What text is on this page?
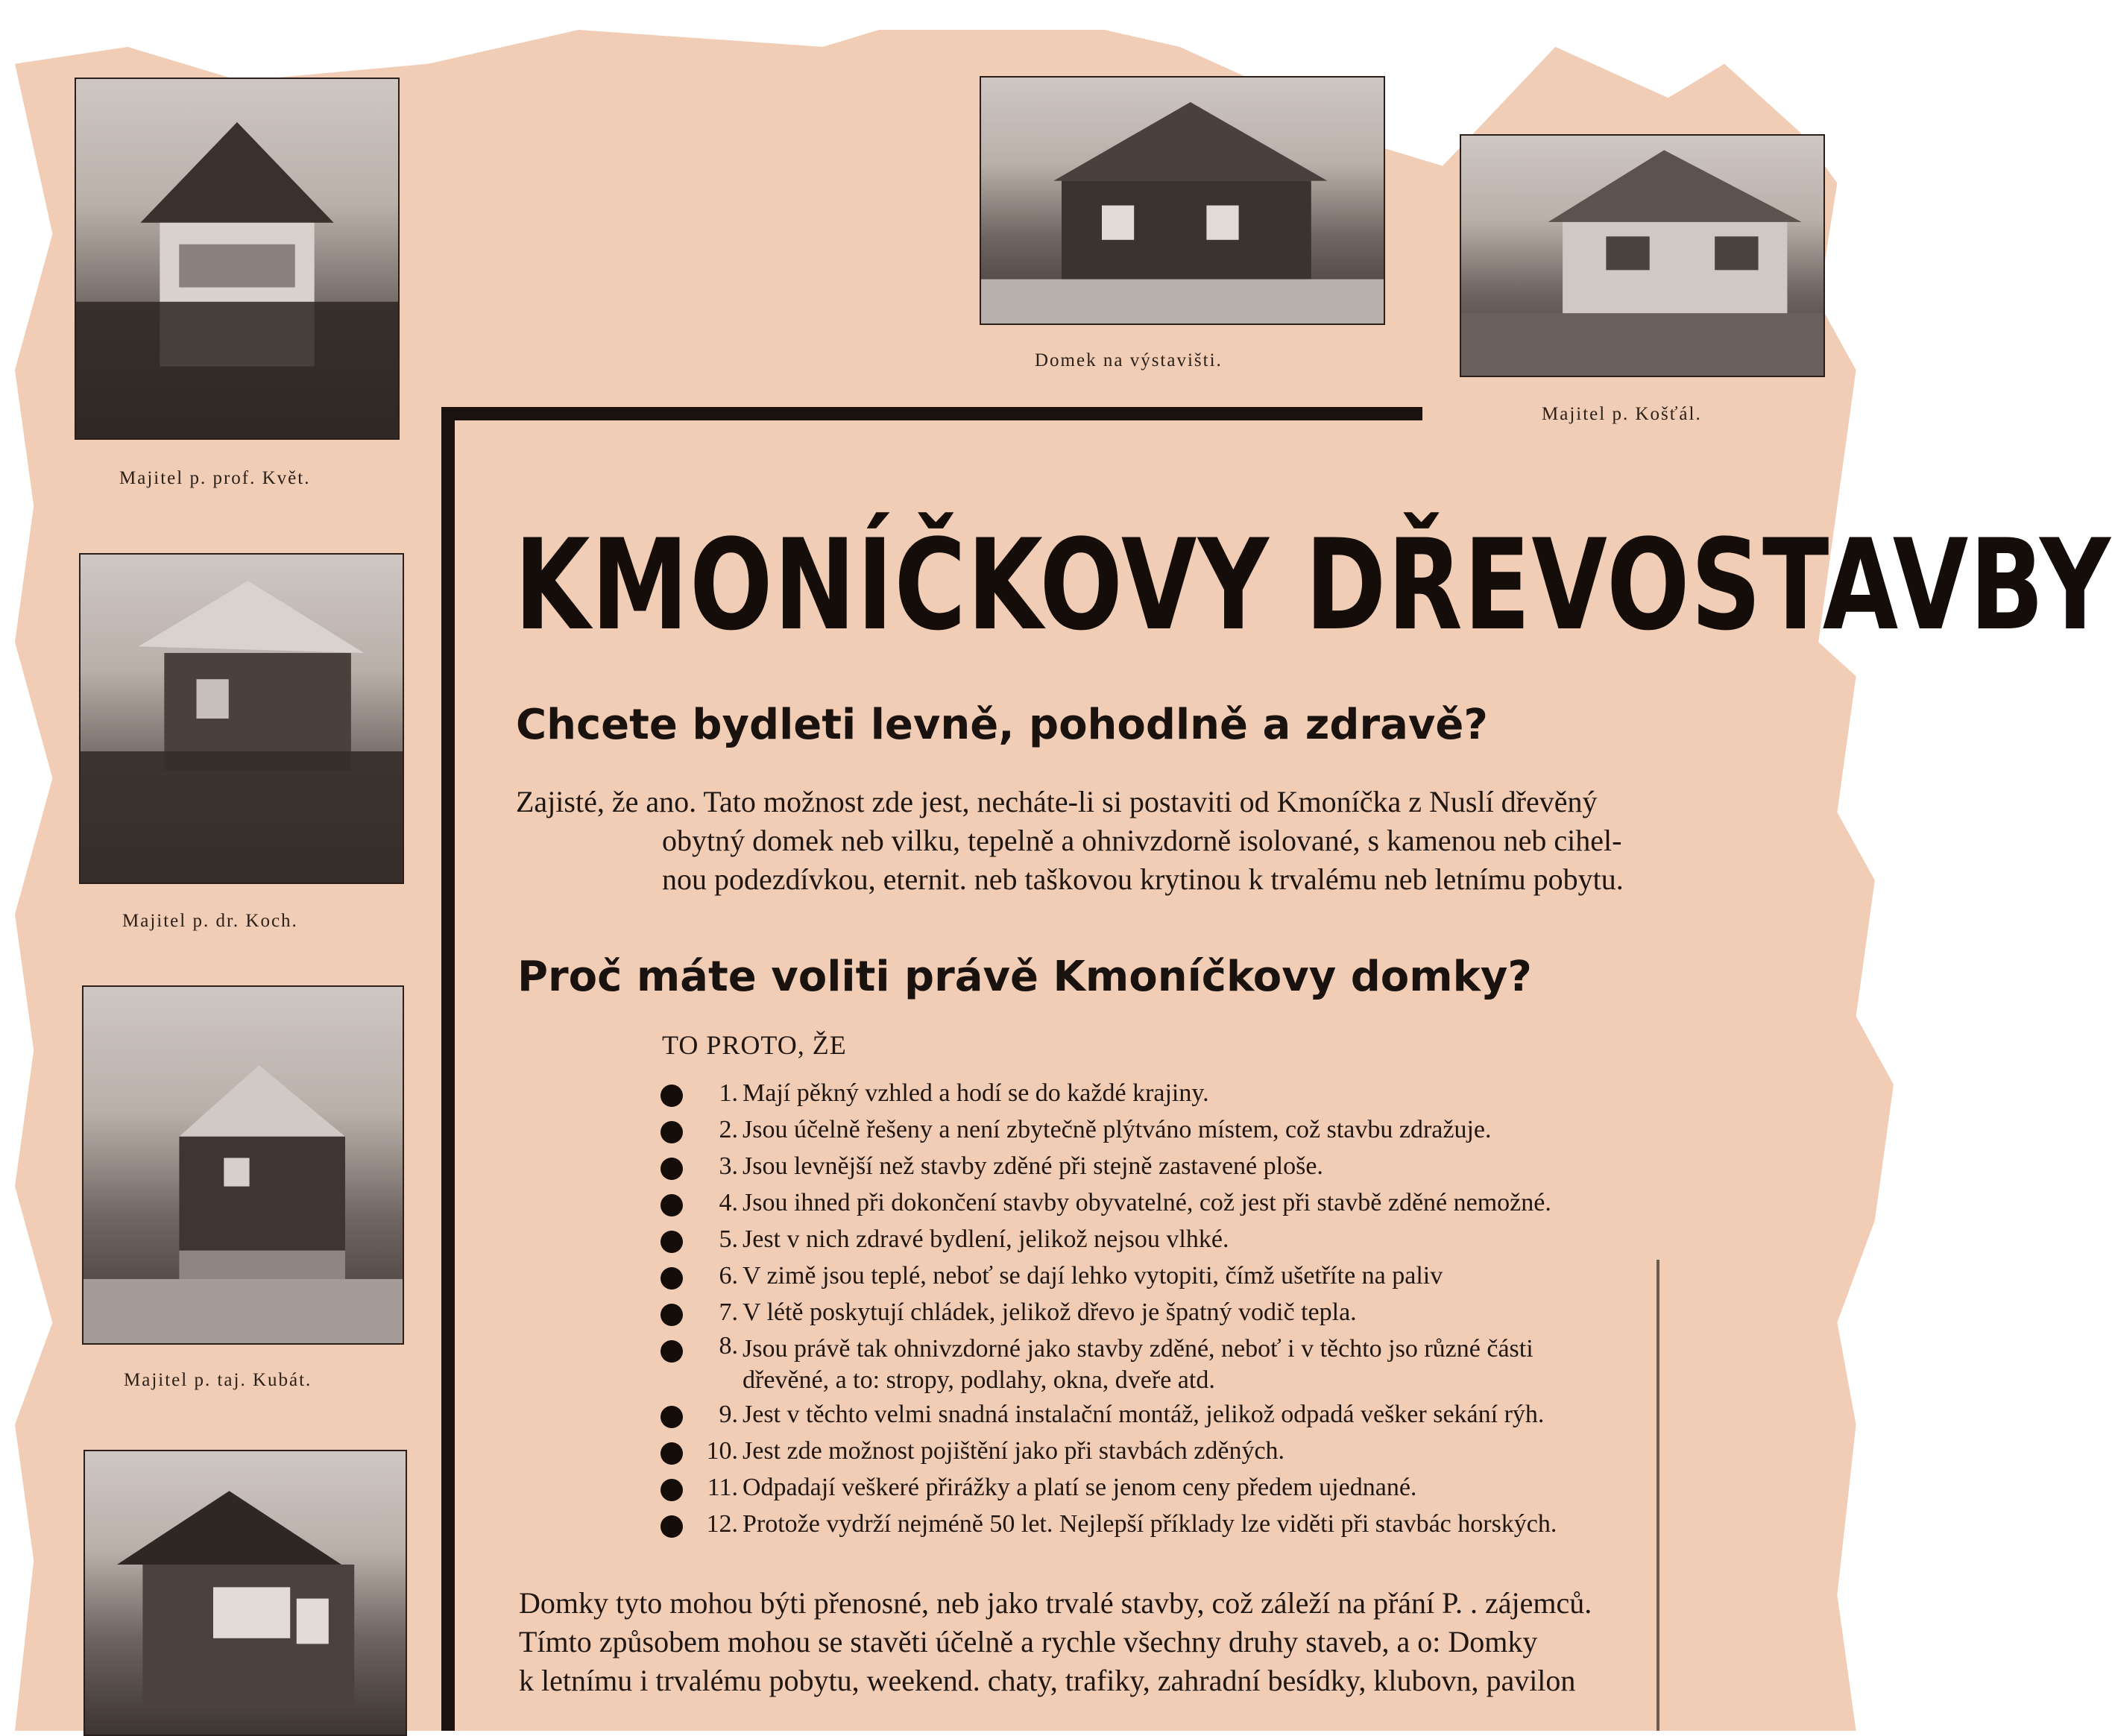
Majitel p. prof. Květ.
Majitel p. dr. Koch.
Majitel p. taj. Kubát.
Domek na výstavišti.
Majitel p. Košťál.
KMONÍČKOVY DŘEVOSTAVBY
Chcete bydleti levně, pohodlně a zdravě?

Zajisté, že ano. Tato možnost zde jest, necháte-li si postaviti od Kmoníčka z Nuslí dřevěný

obytný domek neb vilku, tepelně a ohnivzdorně isolované, s kamenou neb cihel-

nou podezdívkou, eternit. neb taškovou krytinou k trvalému neb letnímu pobytu.

Proč máte voliti právě Kmoníčkovy domky?
TO PROTO, ŽE
1. Mají pěkný vzhled a hodí se do každé krajiny.
2. Jsou účelně řešeny a není zbytečně plýtváno místem, což stavbu zdražuje.
3. Jsou levnější než stavby zděné při stejně zastavené ploše.
4. Jsou ihned při dokončení stavby obyvatelné, což jest při stavbě zděné nemožné.
5. Jest v nich zdravé bydlení, jelikož nejsou vlhké.
6. V zimě jsou teplé, neboť se dají lehko vytopiti, čímž ušetříte na paliv
7. V létě poskytují chládek, jelikož dřevo je špatný vodič tepla.
8. Jsou právě tak ohnivzdorné jako stavby zděné, neboť i v těchto jso různé části
dřevěné, a to: stropy, podlahy, okna, dveře atd.
9. Jest v těchto velmi snadná instalační montáž, jelikož odpadá vešker sekání rýh.
10. Jest zde možnost pojištění jako při stavbách zděných.
11. Odpadají veškeré přirážky a platí se jenom ceny předem ujednané.
12. Protože vydrží nejméně 50 let. Nejlepší příklady lze viděti při stavbác horských.

Domky tyto mohou býti přenosné, neb jako trvalé stavby, což záleží na přání P. . zájemců.

Tímto způsobem mohou se stavěti účelně a rychle všechny druhy staveb, a o: Domky

k letnímu i trvalému pobytu, weekend. chaty, trafiky, zahradní besídky, klubovn, pavilon
